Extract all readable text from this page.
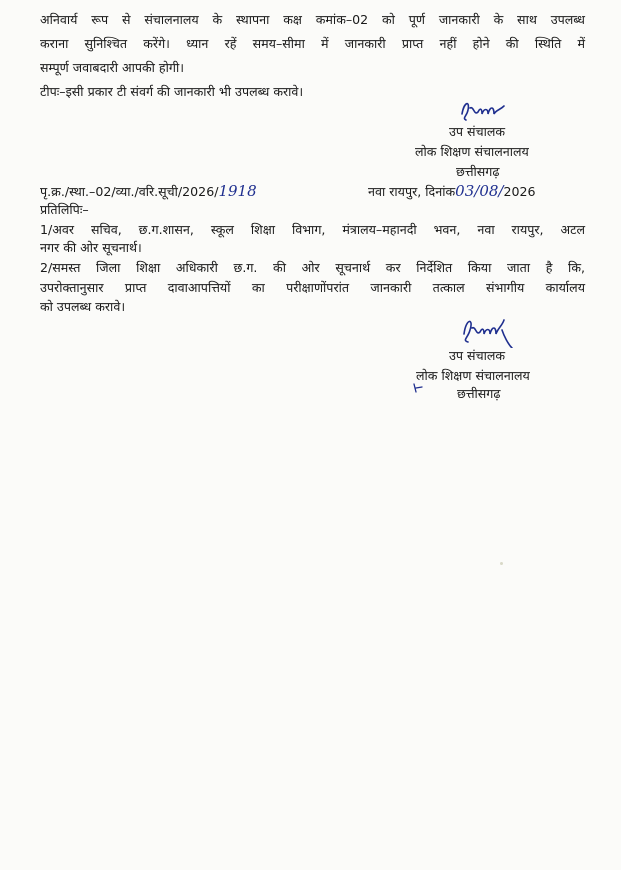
अनिवार्य रूप से संचालनालय के स्थापना कक्ष कमांक–02 को पूर्ण जानकारी के साथ उपलब्ध
कराना सुनिश्चित करेंगे। ध्यान रहें समय–सीमा में जानकारी प्राप्त नहीं होने की स्थिति में
सम्पूर्ण जवाबदारी आपकी होगी।
टीपः–इसी प्रकार टी संवर्ग की जानकारी भी उपलब्ध करावे।
उप संचालक
लोक शिक्षण संचालनालय
छत्तीसगढ़
पृ.क्र./स्था.–02/व्या./वरि.सूची/2026/1918	नवा रायपुर, दिनांक03/08/2026
प्रतिलिपिः–
1/अवर सचिव, छ.ग.शासन, स्कूल शिक्षा विभाग, मंत्रालय–महानदी भवन, नवा रायपुर, अटल
नगर की ओर सूचनार्थ।
2/समस्त जिला शिक्षा अधिकारी छ.ग. की ओर सूचनार्थ कर निर्देशित किया जाता है कि,
उपरोक्तानुसार प्राप्त दावाआपत्तियों का परीक्षाणोंपरांत जानकारी तत्काल संभागीय कार्यालय
को उपलब्ध करावे।
उप संचालक
लोक शिक्षण संचालनालय
छत्तीसगढ़
